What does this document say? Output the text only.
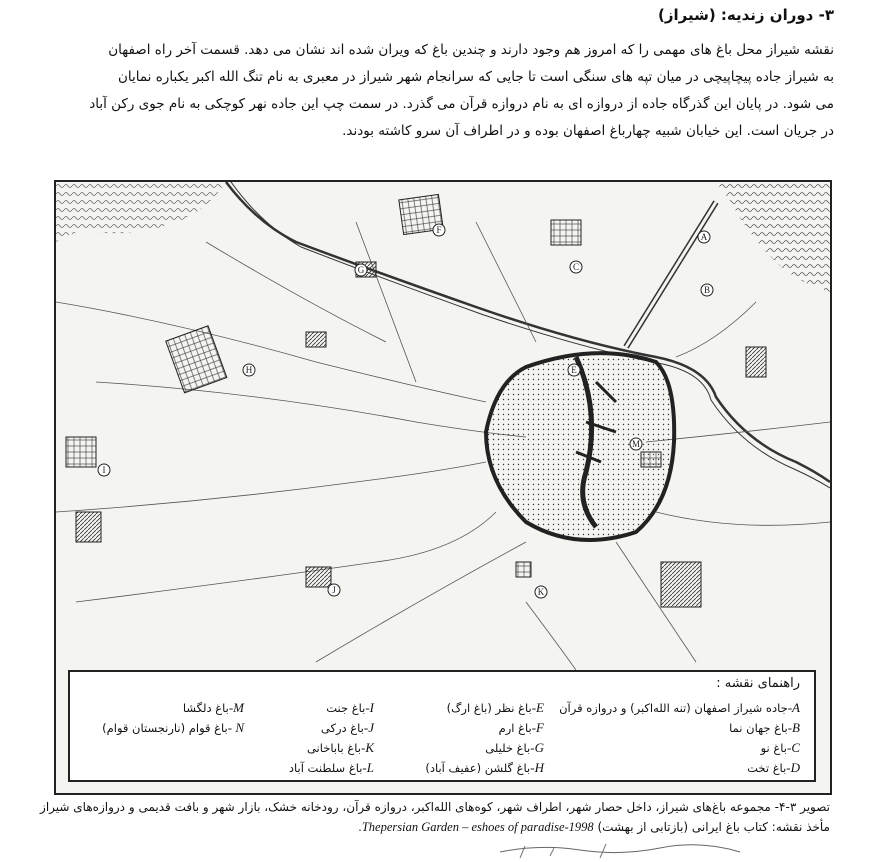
۳- دوران زندیه: (شیراز)
نقشه شیراز محل باغ های مهمی را که امروز هم وجود دارند و چندین باغ که ویران شده اند نشان می دهد. قسمت آخر راه اصفهان
به شیراز جاده پیچاپیچی در میان تپه های سنگی است تا جایی که سرانجام شهر شیراز در معبری به نام تنگ الله اکبر یکباره نمایان
می شود. در پایان این گذرگاه جاده از دروازه ای به نام دروازه قرآن می گذرد. در سمت چپ این جاده نهر کوچکی به نام جوی رکن آباد
در جریان است. این خیابان شبیه چهارباغ اصفهان بوده و در اطراف آن سرو کاشته بودند.
A
B
C
E
F
G
H
I
J	K
M
راهنمای نقشه :
A-جاده شیراز اصفهان (تنه الله‌اکبر) و دروازه قرآن
B-باغ جهان نما
C-باغ نو
D-باغ تخت
E-باغ نظر (باغ ارگ)
F-باغ ارم
G-باغ خلیلی
H-باغ گلشن (عفیف آباد)
I-باغ جنت
J-باغ درکی
K-باغ باباخانی
L-باغ سلطنت آباد
M-باغ دلگشا
N -باغ قوام (نارنجستان قوام)
تصویر ۳-۴- مجموعه باغ‌های شیراز، داخل حصار شهر، اطراف شهر، کوه‌های الله‌اکبر، دروازه قرآن، رودخانه خشک، بازار شهر و بافت قدیمی و دروازه‌های شیراز
مأخذ نقشه: کتاب باغ ایرانی (بازتابی از بهشت) Thepersian Garden – eshoes of paradise-1998.
